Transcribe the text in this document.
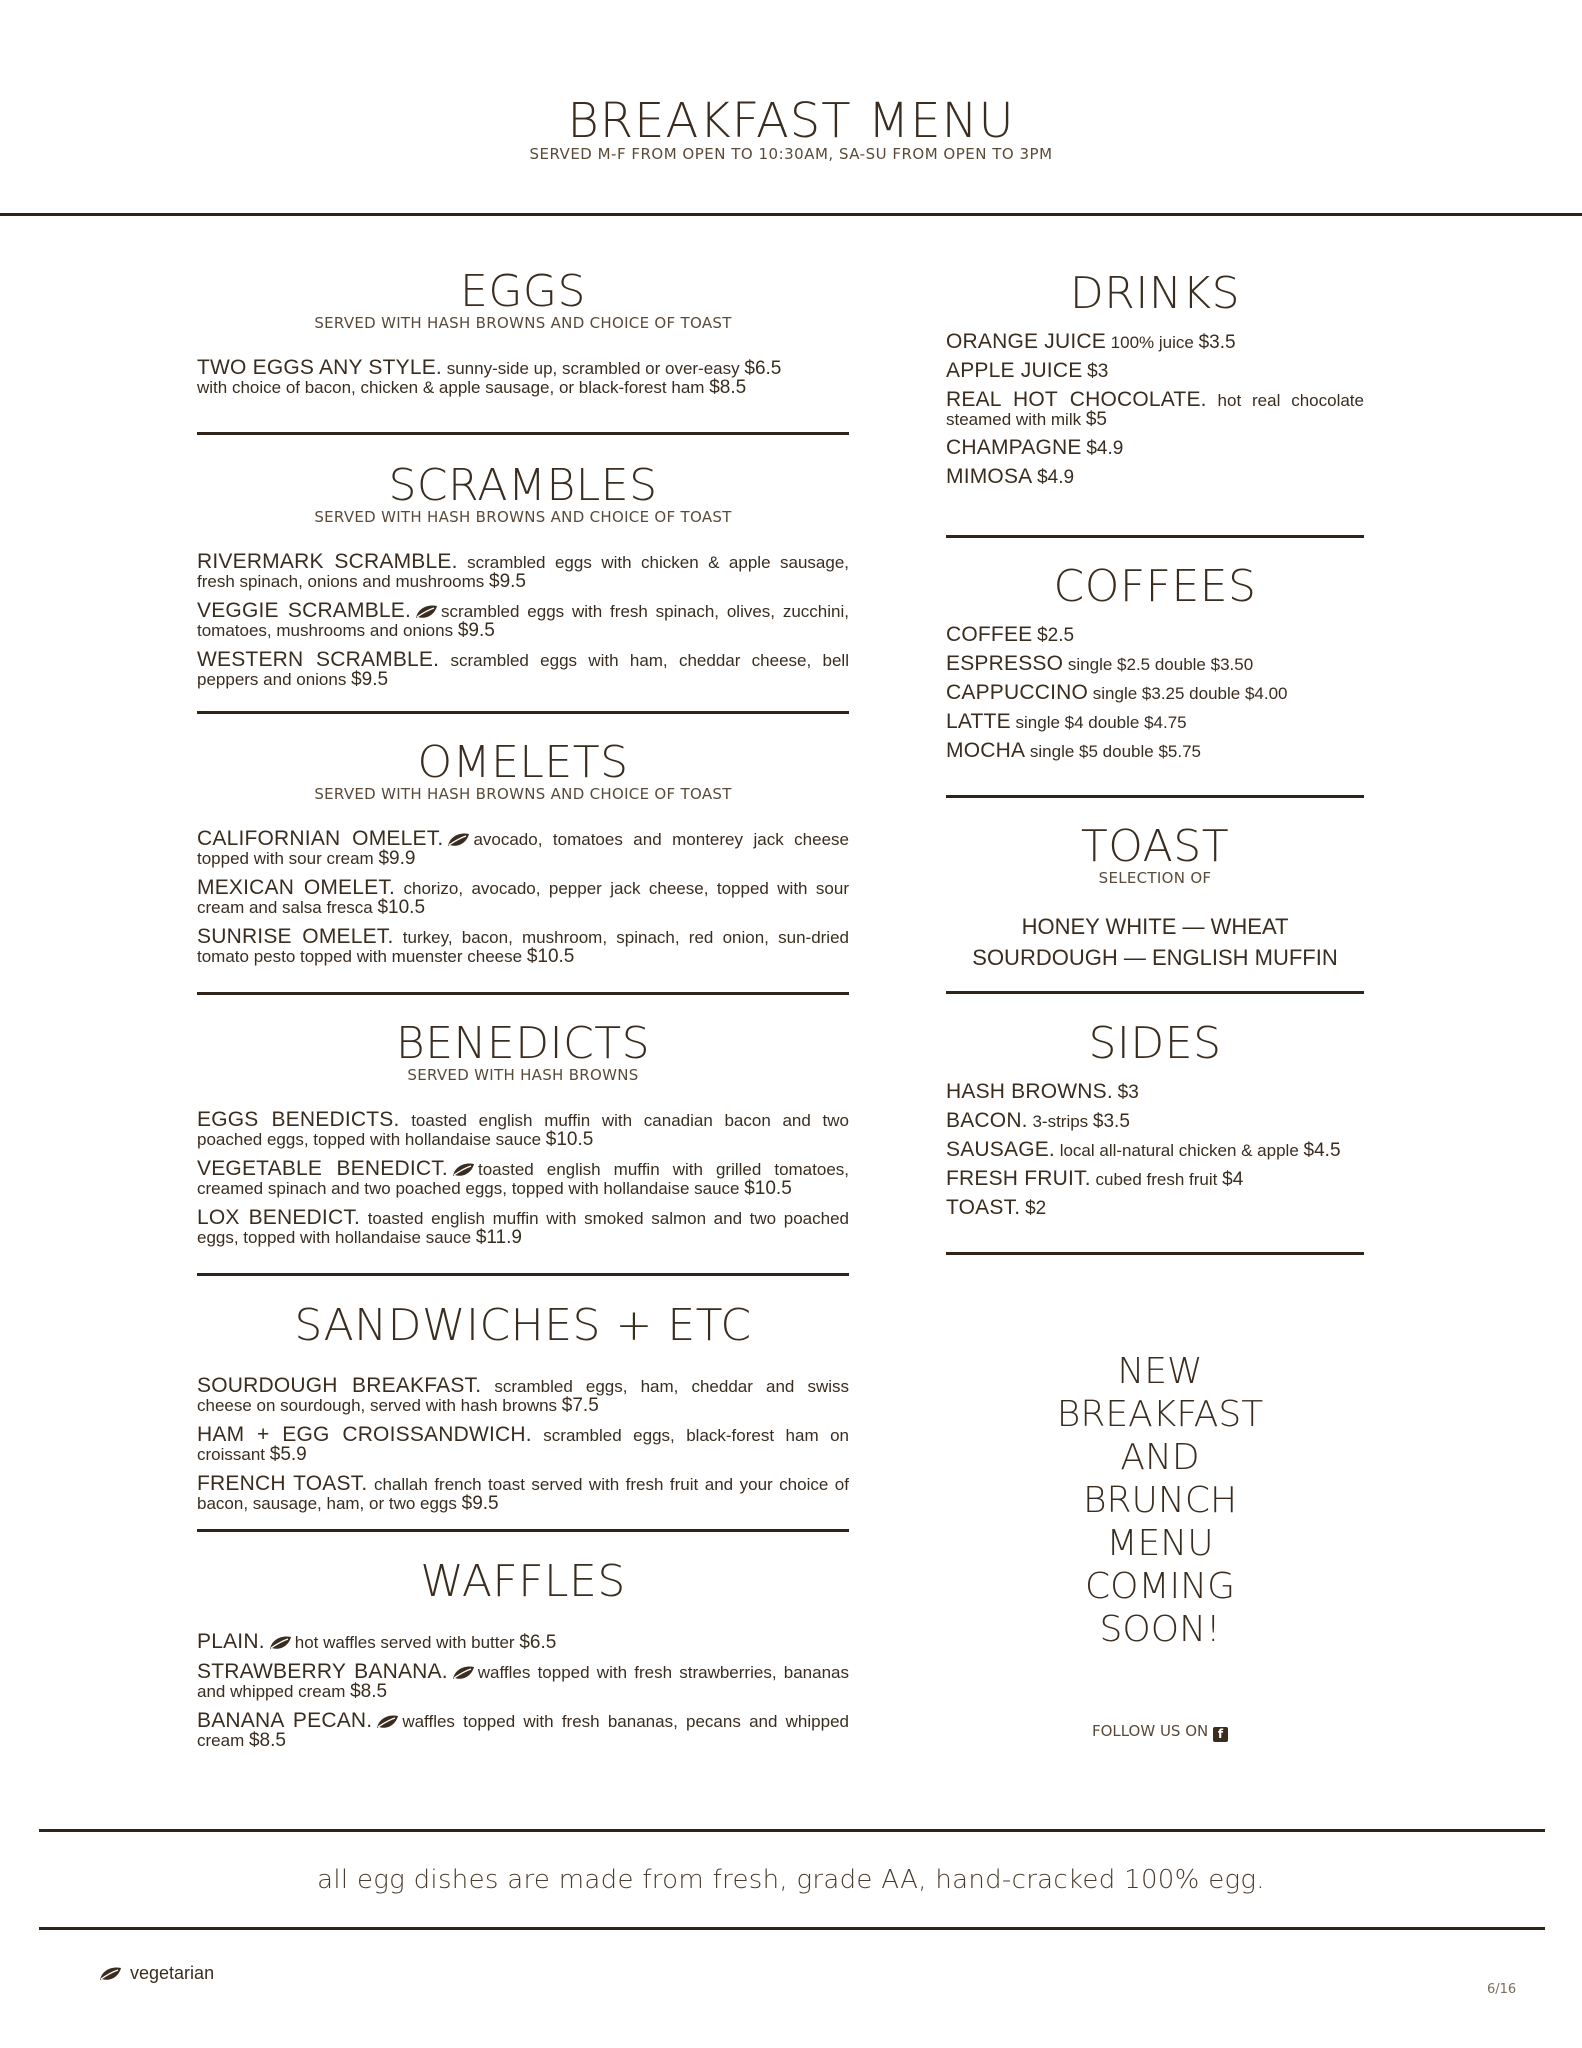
BREAKFAST MENU
SERVED M-F FROM OPEN TO 10:30AM, SA-SU FROM OPEN TO 3PM
EGGS
SERVED WITH HASH BROWNS AND CHOICE OF TOAST
TWO EGGS ANY STYLE. sunny-side up, scrambled or over-easy $6.5
with choice of bacon, chicken & apple sausage, or black-forest ham $8.5
SCRAMBLES
SERVED WITH HASH BROWNS AND CHOICE OF TOAST
RIVERMARK SCRAMBLE. scrambled eggs with chicken & apple sausage, fresh spinach, onions and mushrooms $9.5
VEGGIE SCRAMBLE. scrambled eggs with fresh spinach, olives, zucchini, tomatoes, mushrooms and onions $9.5
WESTERN SCRAMBLE. scrambled eggs with ham, cheddar cheese, bell peppers and onions $9.5
OMELETS
SERVED WITH HASH BROWNS AND CHOICE OF TOAST
CALIFORNIAN OMELET. avocado, tomatoes and monterey jack cheese topped with sour cream $9.9
MEXICAN OMELET. chorizo, avocado, pepper jack cheese, topped with sour cream and salsa fresca $10.5
SUNRISE OMELET. turkey, bacon, mushroom, spinach, red onion, sun-dried tomato pesto topped with muenster cheese $10.5
BENEDICTS
SERVED WITH HASH BROWNS
EGGS BENEDICTS. toasted english muffin with canadian bacon and two poached eggs, topped with hollandaise sauce $10.5
VEGETABLE BENEDICT. toasted english muffin with grilled tomatoes, creamed spinach and two poached eggs, topped with hollandaise sauce $10.5
LOX BENEDICT. toasted english muffin with smoked salmon and two poached eggs, topped with hollandaise sauce $11.9
SANDWICHES + ETC
SOURDOUGH BREAKFAST. scrambled eggs, ham, cheddar and swiss cheese on sourdough, served with hash browns $7.5
HAM + EGG CROISSANDWICH. scrambled eggs, black-forest ham on croissant $5.9
FRENCH TOAST. challah french toast served with fresh fruit and your choice of bacon, sausage, ham, or two eggs $9.5
WAFFLES
PLAIN. hot waffles served with butter $6.5
STRAWBERRY BANANA. waffles topped with fresh strawberries, bananas and whipped cream $8.5
BANANA PECAN. waffles topped with fresh bananas, pecans and whipped cream $8.5
DRINKS
ORANGE JUICE 100% juice $3.5
APPLE JUICE $3
REAL HOT CHOCOLATE. hot real chocolate steamed with milk $5
CHAMPAGNE $4.9
MIMOSA $4.9
COFFEES
COFFEE $2.5
ESPRESSO single $2.5 double $3.50
CAPPUCCINO single $3.25 double $4.00
LATTE single $4 double $4.75
MOCHA single $5 double $5.75
TOAST
SELECTION OF
HONEY WHITE — WHEAT
SOURDOUGH — ENGLISH MUFFIN
SIDES
HASH BROWNS. $3
BACON. 3-strips $3.5
SAUSAGE. local all-natural chicken & apple $4.5
FRESH FRUIT. cubed fresh fruit $4
TOAST. $2
NEW
BREAKFAST
AND
BRUNCH
MENU
COMING
SOON!
FOLLOW US ON f
all egg dishes are made from fresh, grade AA, hand-cracked 100% egg.
vegetarian
6/16
